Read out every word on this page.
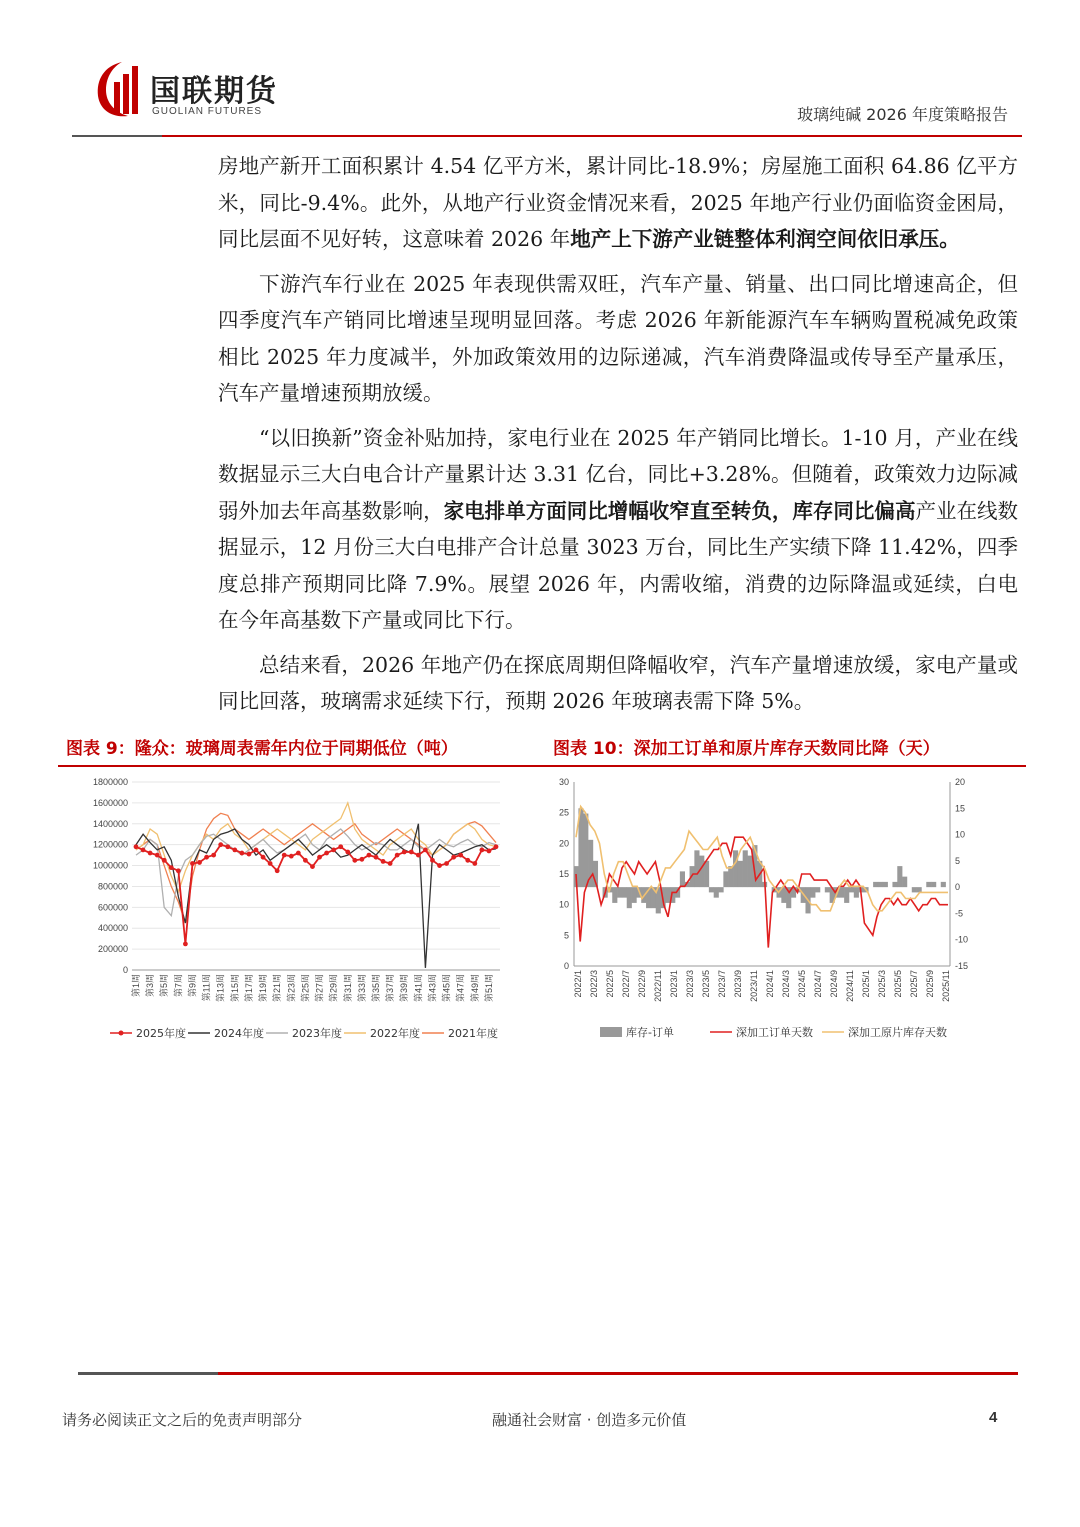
国联期货
GUOLIAN FUTURES	玻璃纯碱 2026 年度策略报告

房地产新开工面积累计 4.54 亿平方米，累计同比-18.9%；房屋施工面积 64.86 亿平方米，同比-9.4%。此外，从地产行业资金情况来看，2025 年地产行业仍面临资金困局，同比层面不见好转，这意味着 2026 年地产上下游产业链整体利润空间依旧承压。

下游汽车行业在 2025 年表现供需双旺，汽车产量、销量、出口同比增速高企，但四季度汽车产销同比增速呈现明显回落。考虑 2026 年新能源汽车车辆购置税减免政策相比 2025 年力度减半，外加政策效用的边际递减，汽车消费降温或传导至产量承压，汽车产量增速预期放缓。

“以旧换新”资金补贴加持，家电行业在 2025 年产销同比增长。1-10 月，产业在线数据显示三大白电合计产量累计达 3.31 亿台，同比+3.28%。但随着，政策效力边际减弱外加去年高基数影响，家电排单方面同比增幅收窄直至转负，库存同比偏高产业在线数据显示，12 月份三大白电排产合计总量 3023 万台，同比生产实绩下降 11.42%，四季度总排产预期同比降 7.9%。展望 2026 年，内需收缩，消费的边际降温或延续，白电在今年高基数下产量或同比下行。

总结来看，2026 年地产仍在探底周期但降幅收窄，汽车产量增速放缓，家电产量或同比回落，玻璃需求延续下行，预期 2026 年玻璃表需下降 5%。

图表 9：隆众：玻璃周表需年内位于同期低位（吨）	图表 10：深加工订单和原片库存天数同比降（天）
0
200000
400000
600000
800000
1000000
1200000
1400000
1600000
1800000
第1周 第3周 第5周 第7周 第9周 第11周 第13周 第15周 第17周 第19周 第21周 第23周 第25周 第27周 第29周 第31周 第33周 第35周 第37周 第39周 第41周 第43周 第45周 第47周 第49周 第51周
2025年度	2024年度	2023年度	2022年度	2021年度
0
5
10
15
20
25
30
-15
-10
-5
0
5
10
15
20
2022/1 2022/3 2022/5 2022/7 2022/9 2022/11 2023/1 2023/3 2023/5 2023/7 2023/9 2023/11 2024/1 2024/3 2024/5 2024/7 2024/9 2024/11 2025/1 2025/3 2025/5 2025/7 2025/9 2025/11
库存-订单	深加工订单天数	深加工原片库存天数
请务必阅读正文之后的免责声明部分	融通社会财富 · 创造多元价值	4
